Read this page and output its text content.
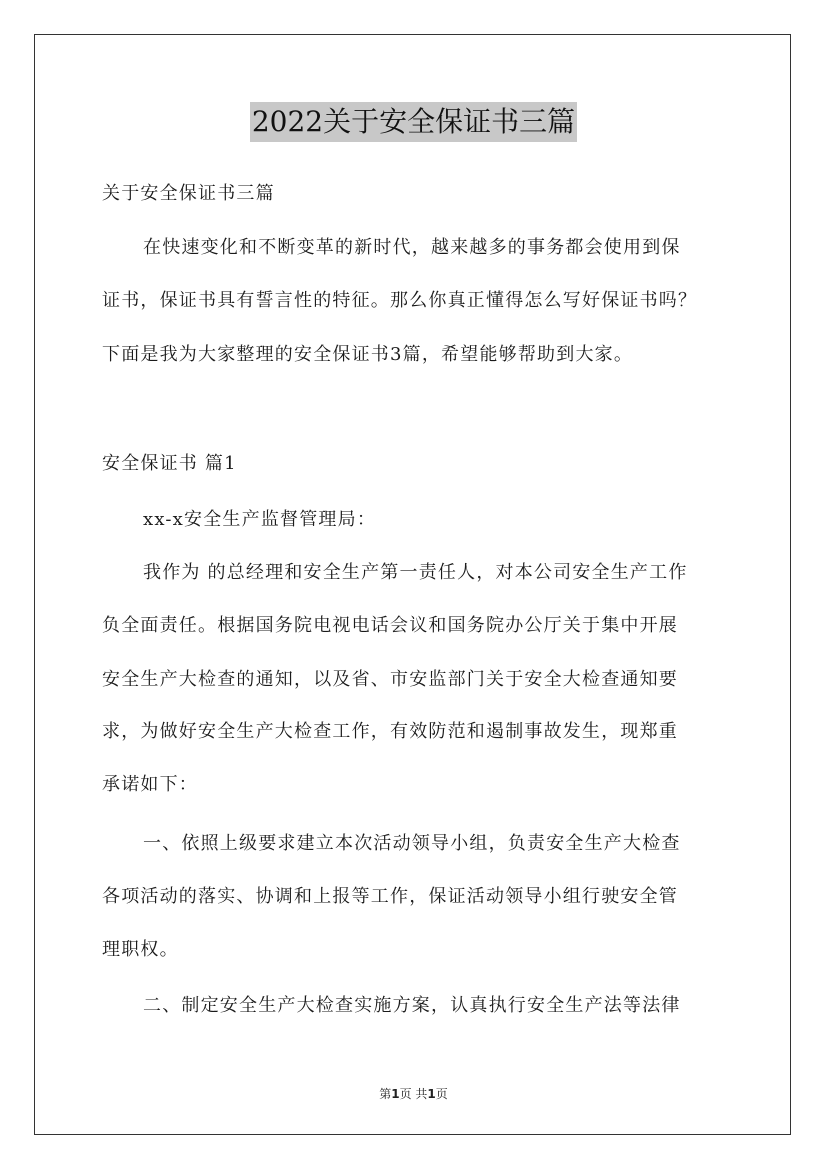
2022关于安全保证书三篇
关于安全保证书三篇
在快速变化和不断变革的新时代，越来越多的事务都会使用到保
证书，保证书具有誓言性的特征。那么你真正懂得怎么写好保证书吗？
下面是我为大家整理的安全保证书3篇，希望能够帮助到大家。
安全保证书 篇1
xx-x安全生产监督管理局：
我作为 的总经理和安全生产第一责任人，对本公司安全生产工作
负全面责任。根据国务院电视电话会议和国务院办公厅关于集中开展
安全生产大检查的通知，以及省、市安监部门关于安全大检查通知要
求，为做好安全生产大检查工作，有效防范和遏制事故发生，现郑重
承诺如下：
一、依照上级要求建立本次活动领导小组，负责安全生产大检查
各项活动的落实、协调和上报等工作，保证活动领导小组行驶安全管
理职权。
二、制定安全生产大检查实施方案，认真执行安全生产法等法律
第1页 共1页
